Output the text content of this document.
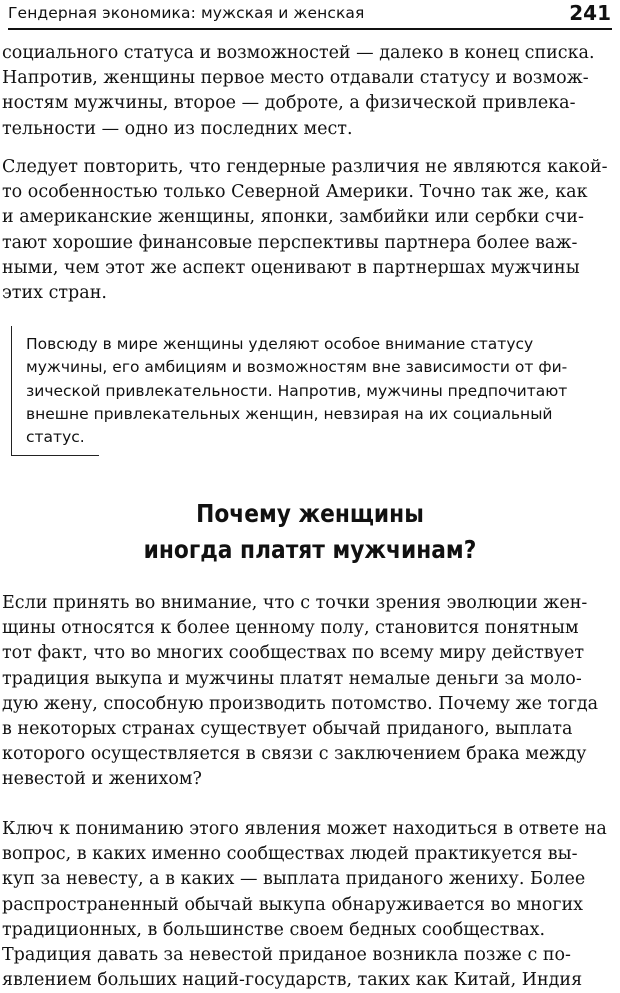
Гендерная экономика: мужская и женская	241

социального статуса и возможностей — далеко в конец списка.
Напротив, женщины первое место отдавали статусу и возмож-
ностям мужчины, второе — доброте, а физической привлека-
тельности — одно из последних мест.

Следует повторить, что гендерные различия не являются какой-
то особенностью только Северной Америки. Точно так же, как
и американские женщины, японки, замбийки или сербки счи-
тают хорошие финансовые перспективы партнера более важ-
ными, чем этот же аспект оценивают в партнершах мужчины
этих стран.

Повсюду в мире женщины уделяют особое внимание статусу
мужчины, его амбициям и возможностям вне зависимости от фи-
зической привлекательности. Напротив, мужчины предпочитают
внешне привлекательных женщин, невзирая на их социальный
статус.

Почему женщины
иногда платят мужчинам?

Если принять во внимание, что с точки зрения эволюции жен-
щины относятся к более ценному полу, становится понятным
тот факт, что во многих сообществах по всему миру действует
традиция выкупа и мужчины платят немалые деньги за моло-
дую жену, способную производить потомство. Почему же тогда
в некоторых странах существует обычай приданого, выплата
которого осуществляется в связи с заключением брака между
невестой и женихом?

Ключ к пониманию этого явления может находиться в ответе на
вопрос, в каких именно сообществах людей практикуется вы-
куп за невесту, а в каких — выплата приданого жениху. Более
распространенный обычай выкупа обнаруживается во многих
традиционных, в большинстве своем бедных сообществах.
Традиция давать за невестой приданое возникла позже с по-
явлением больших наций-государств, таких как Китай, Индия
